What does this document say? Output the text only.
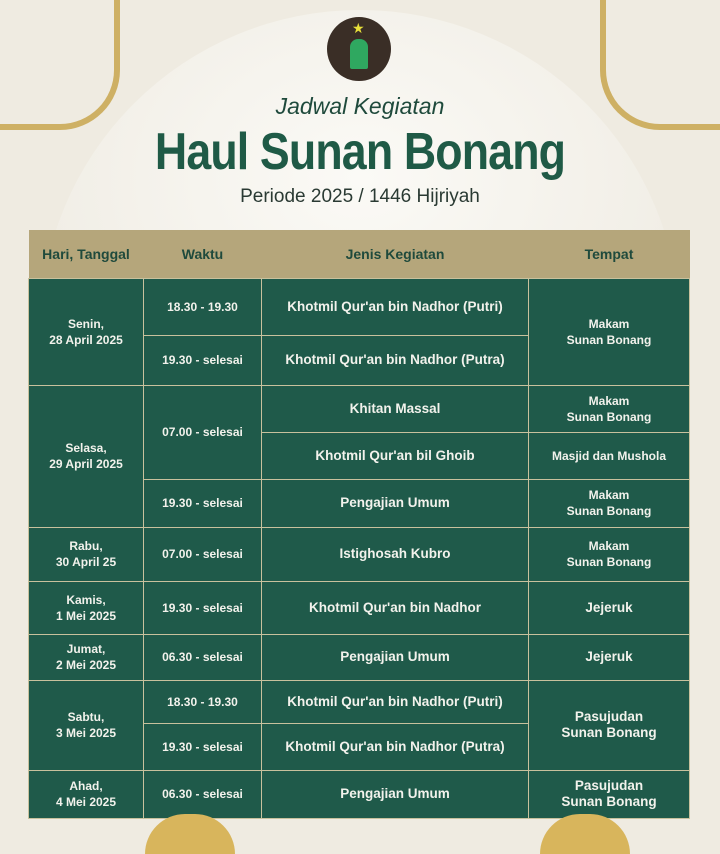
★
Jadwal Kegiatan
Haul Sunan Bonang
Periode 2025 / 1446 Hijriyah
Hari, Tanggal	Waktu	Jenis Kegiatan	Tempat
Senin,
28 April 2025	18.30 - 19.30	Khotmil Qur'an bin Nadhor (Putri)	Makam
Sunan Bonang
	19.30 - selesai	Khotmil Qur'an bin Nadhor (Putra)	
Selasa,
29 April 2025	07.00 - selesai	Khitan Massal	Makam
Sunan Bonang
		Khotmil Qur'an bil Ghoib	Masjid dan Mushola
	19.30 - selesai	Pengajian Umum	Makam
Sunan Bonang
Rabu,
30 April 25	07.00 - selesai	Istighosah Kubro	Makam
Sunan Bonang
Kamis,
1 Mei 2025	19.30 - selesai	Khotmil Qur'an bin Nadhor	Jejeruk
Jumat,
2 Mei 2025	06.30 - selesai	Pengajian Umum	Jejeruk
Sabtu,
3 Mei 2025	18.30 - 19.30	Khotmil Qur'an bin Nadhor (Putri)	Pasujudan
Sunan Bonang
	19.30 - selesai	Khotmil Qur'an bin Nadhor (Putra)	
Ahad,
4 Mei 2025	06.30 - selesai	Pengajian Umum	Pasujudan
Sunan Bonang
